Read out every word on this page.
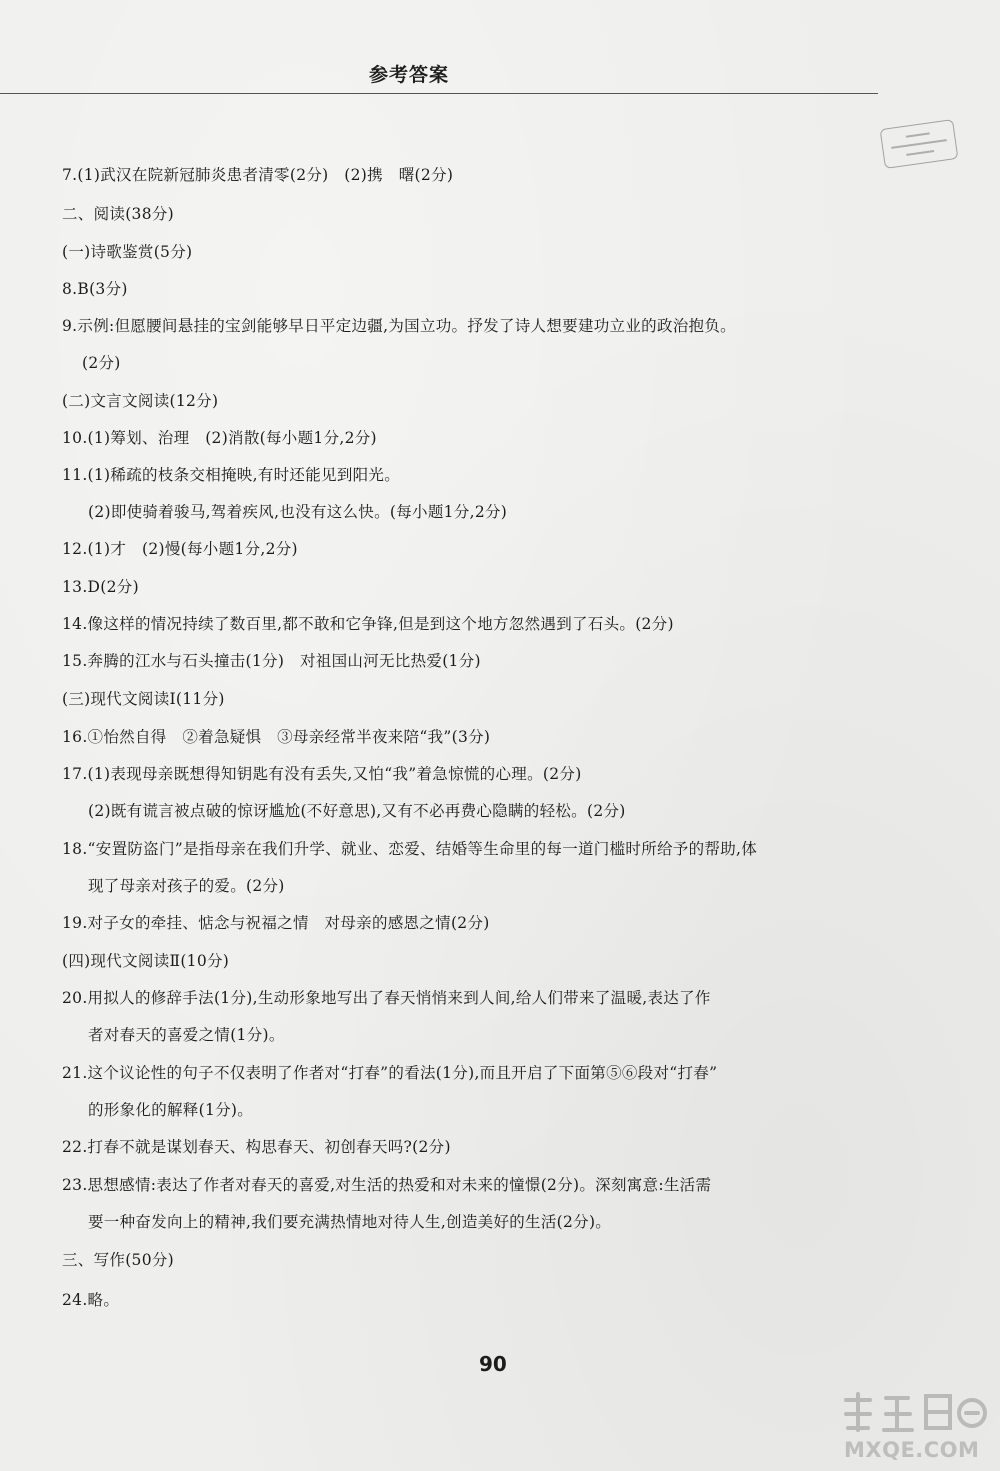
参考答案
7.(1)武汉在院新冠肺炎患者清零(2分)　(2)携　曙(2分)
二、阅读(38分)
(一)诗歌鉴赏(5分)
8.B(3分)
9.示例:但愿腰间悬挂的宝剑能够早日平定边疆,为国立功。抒发了诗人想要建功立业的政治抱负。
(2分)
(二)文言文阅读(12分)
10.(1)筹划、治理　(2)消散(每小题1分,2分)
11.(1)稀疏的枝条交相掩映,有时还能见到阳光。
(2)即使骑着骏马,驾着疾风,也没有这么快。(每小题1分,2分)
12.(1)才　(2)慢(每小题1分,2分)
13.D(2分)
14.像这样的情况持续了数百里,都不敢和它争锋,但是到这个地方忽然遇到了石头。(2分)
15.奔腾的江水与石头撞击(1分)　对祖国山河无比热爱(1分)
(三)现代文阅读Ⅰ(11分)
16.①怡然自得　②着急疑惧　③母亲经常半夜来陪“我”(3分)
17.(1)表现母亲既想得知钥匙有没有丢失,又怕“我”着急惊慌的心理。(2分)
(2)既有谎言被点破的惊讶尴尬(不好意思),又有不必再费心隐瞒的轻松。(2分)
18.“安置防盗门”是指母亲在我们升学、就业、恋爱、结婚等生命里的每一道门槛时所给予的帮助,体
现了母亲对孩子的爱。(2分)
19.对子女的牵挂、惦念与祝福之情　对母亲的感恩之情(2分)
(四)现代文阅读Ⅱ(10分)
20.用拟人的修辞手法(1分),生动形象地写出了春天悄悄来到人间,给人们带来了温暖,表达了作
者对春天的喜爱之情(1分)。
21.这个议论性的句子不仅表明了作者对“打春”的看法(1分),而且开启了下面第⑤⑥段对“打春”
的形象化的解释(1分)。
22.打春不就是谋划春天、构思春天、初创春天吗?(2分)
23.思想感情:表达了作者对春天的喜爱,对生活的热爱和对未来的憧憬(2分)。深刻寓意:生活需
要一种奋发向上的精神,我们要充满热情地对待人生,创造美好的生活(2分)。
三、写作(50分)
24.略。
90
MXQE.COM
